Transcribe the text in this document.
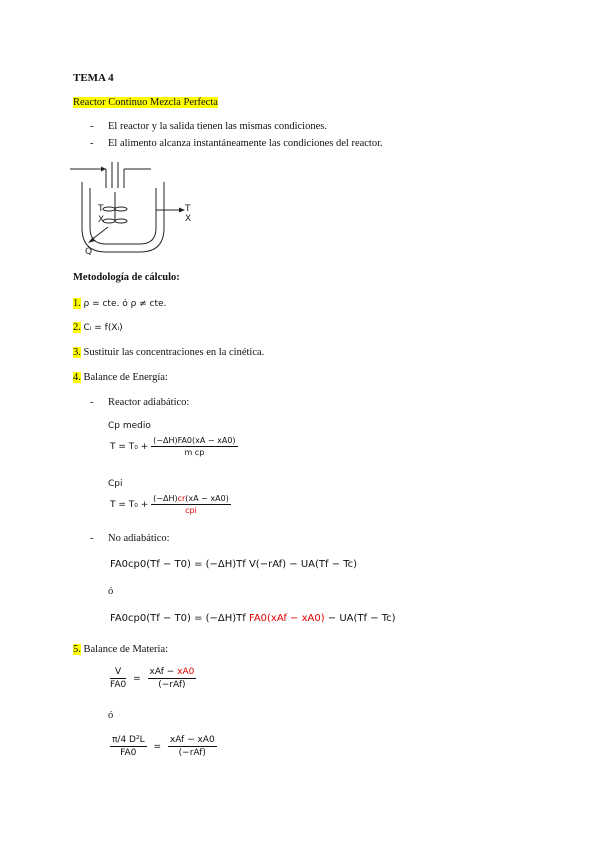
TEMA 4
Reactor Continuo Mezcla Perfecta
- El reactor y la salida tienen las mismas condiciones.
- El alimento alcanza instantáneamente las condiciones del reactor.
T
X
T
X
Q̇
Metodología de cálculo:
1. ρ = cte. ó ρ ≠ cte.
2. Cᵢ = f(Xᵢ)
3. Sustituir las concentraciones en la cinética.
4. Balance de Energía:
- Reactor adiabático:
Cp medio
$T = T_0 + \frac{(-\Delta H)FA0(xA - xA0)}{\text{m cp}}$
Cpi
$T = T_0 + \frac{(-\Delta H)cr(xA - xA0)}{\text{cpi}}$
- No adiabático:
FA0cp0(Tf − T0) = (−ΔH)Tf V(−rAf) − UA(Tf − Tc)
ó
FA0cp0(Tf − T0) = (−ΔH)Tf FA0(xAf − xA0) − UA(Tf − Tc)
5. Balance de Materia:
$\frac{V}{FA0} = \frac{\text{xAf − xA0}}{\text{(−rAf)}}$
ó
$\frac{\text{π/4 D²L}}{FA0} = \frac{\text{xAf − xA0}}{\text{(−rAf)}}$
